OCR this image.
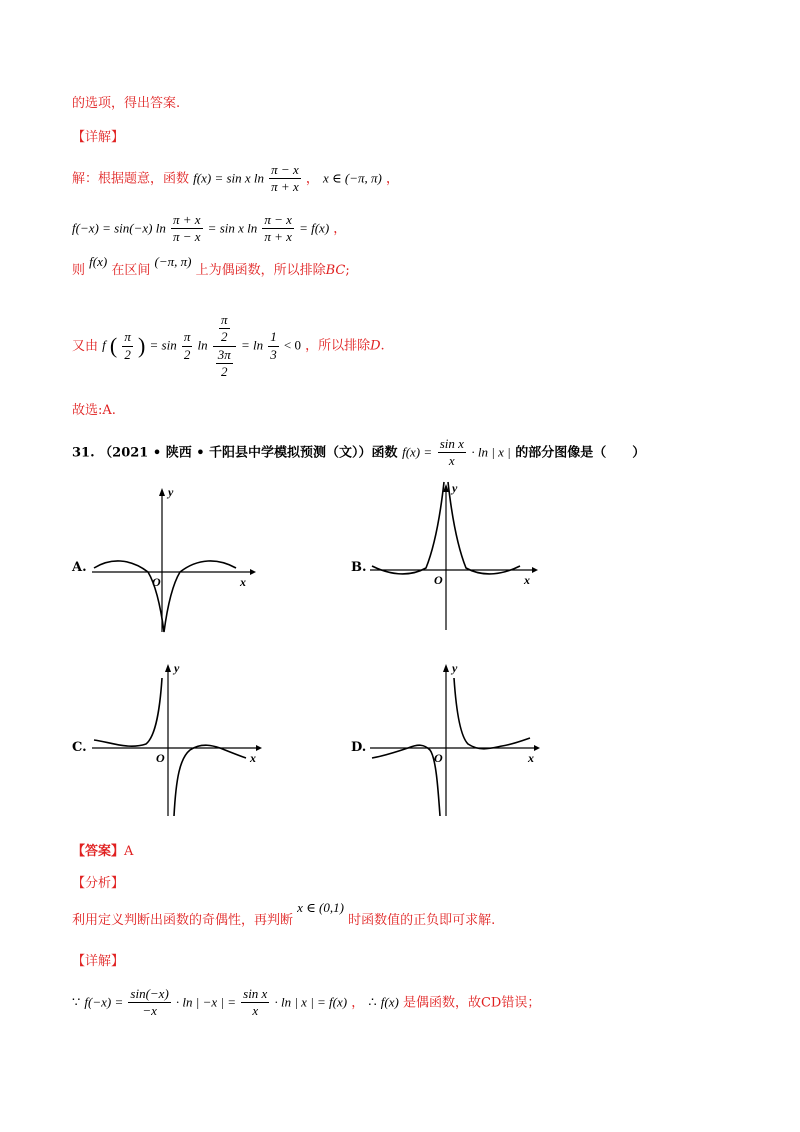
的选项，得出答案.
【详解】
解：根据题意，函数 f(x) = sin x $\ln \frac{\pi - x}{\pi + x}$ ， x ∈ (−π, π) ，
f(−x) = sin(−x) $\ln \frac{\pi + x}{\pi - x} = \sin x$ $\ln \frac{\pi - x}{\pi + x} = f(x)$ ，
则 f(x) 在区间 (−π, π) 上为偶函数，所以排除BC;
又由 f ( $\frac{\pi}{2}$ ) = $\sin \frac{\pi}{2}$ $\ln \frac{\frac{\pi}{2}}{\frac{3\pi}{2}} = \ln \frac{1}{3} < 0$ ，所以排除D.
故选:A.
31. （2021 • 陕西 • 千阳县中学模拟预测（文））函数 $f(x) = \frac{\text{sin x}}{x} \cdot \ln$ | x | 的部分图像是（　　）
A.
y
x
O
B.
y
x
O
C.
y
x
O
D.
y
x
O
【答案】A
【分析】
利用定义判断出函数的奇偶性，再判断 x ∈ (0,1) 时函数值的正负即可求解.
【详解】
∵ $f(-x) = \frac{\sin(-x)}{-x} \cdot \ln$ | −x | = $\frac{\text{sin x}}{x} \cdot \ln$ | x | = f(x) ， ∴ f(x) 是偶函数，故CD错误；
